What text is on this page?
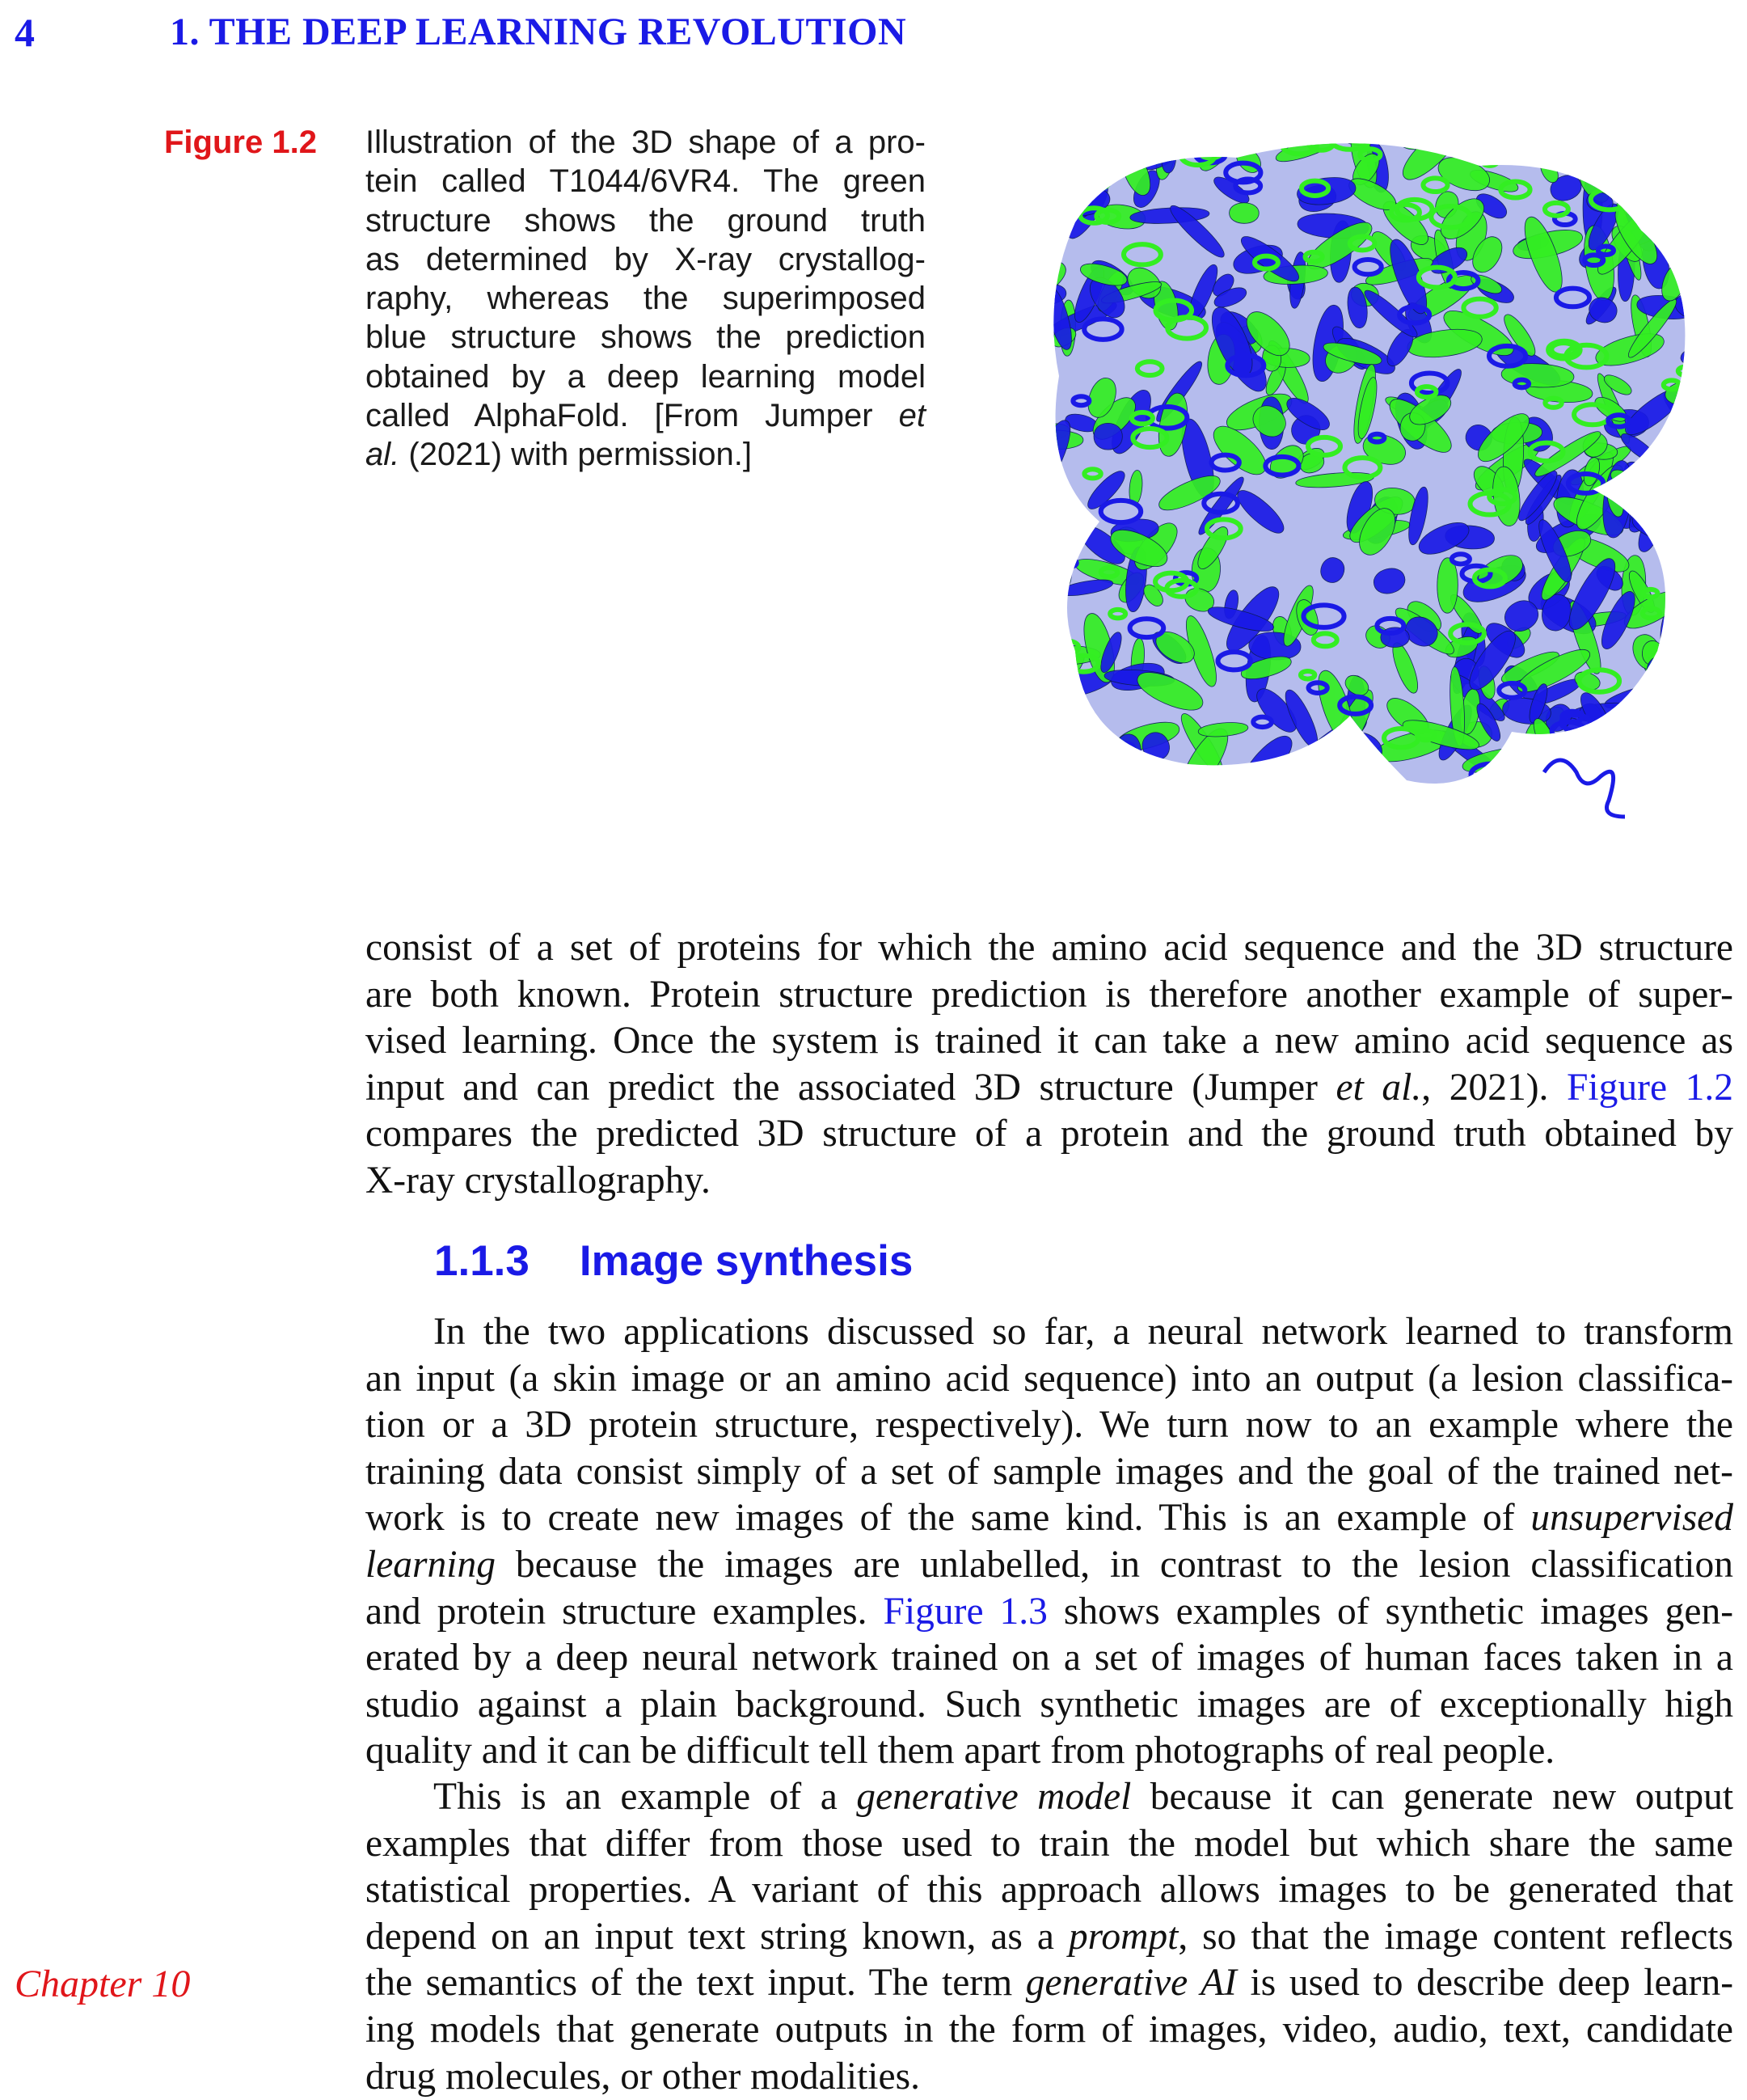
4	1. THE DEEP LEARNING REVOLUTION
Figure 1.2 Illustration of the 3D shape of a pro-
tein called T1044/6VR4. The green
structure shows the ground truth
as determined by X-ray crystallog-
raphy, whereas the superimposed
blue structure shows the prediction
obtained by a deep learning model
called AlphaFold. [From Jumper et
al. (2021) with permission.]
consist of a set of proteins for which the amino acid sequence and the 3D structure
are both known. Protein structure prediction is therefore another example of super-
vised learning. Once the system is trained it can take a new amino acid sequence as
input and can predict the associated 3D structure (Jumper et al., 2021). Figure 1.2
compares the predicted 3D structure of a protein and the ground truth obtained by
X-ray crystallography.
1.1.3 Image synthesis
In the two applications discussed so far, a neural network learned to transform
an input (a skin image or an amino acid sequence) into an output (a lesion classifica-
tion or a 3D protein structure, respectively). We turn now to an example where the
training data consist simply of a set of sample images and the goal of the trained net-
work is to create new images of the same kind. This is an example of unsupervised
learning because the images are unlabelled, in contrast to the lesion classification
and protein structure examples. Figure 1.3 shows examples of synthetic images gen-
erated by a deep neural network trained on a set of images of human faces taken in a
studio against a plain background. Such synthetic images are of exceptionally high
quality and it can be difficult tell them apart from photographs of real people.
This is an example of a generative model because it can generate new output
examples that differ from those used to train the model but which share the same
statistical properties. A variant of this approach allows images to be generated that
depend on an input text string known, as a prompt, so that the image content reflects
the semantics of the text input. The term generative AI is used to describe deep learn-
ing models that generate outputs in the form of images, video, audio, text, candidate
drug molecules, or other modalities.
Chapter 10
